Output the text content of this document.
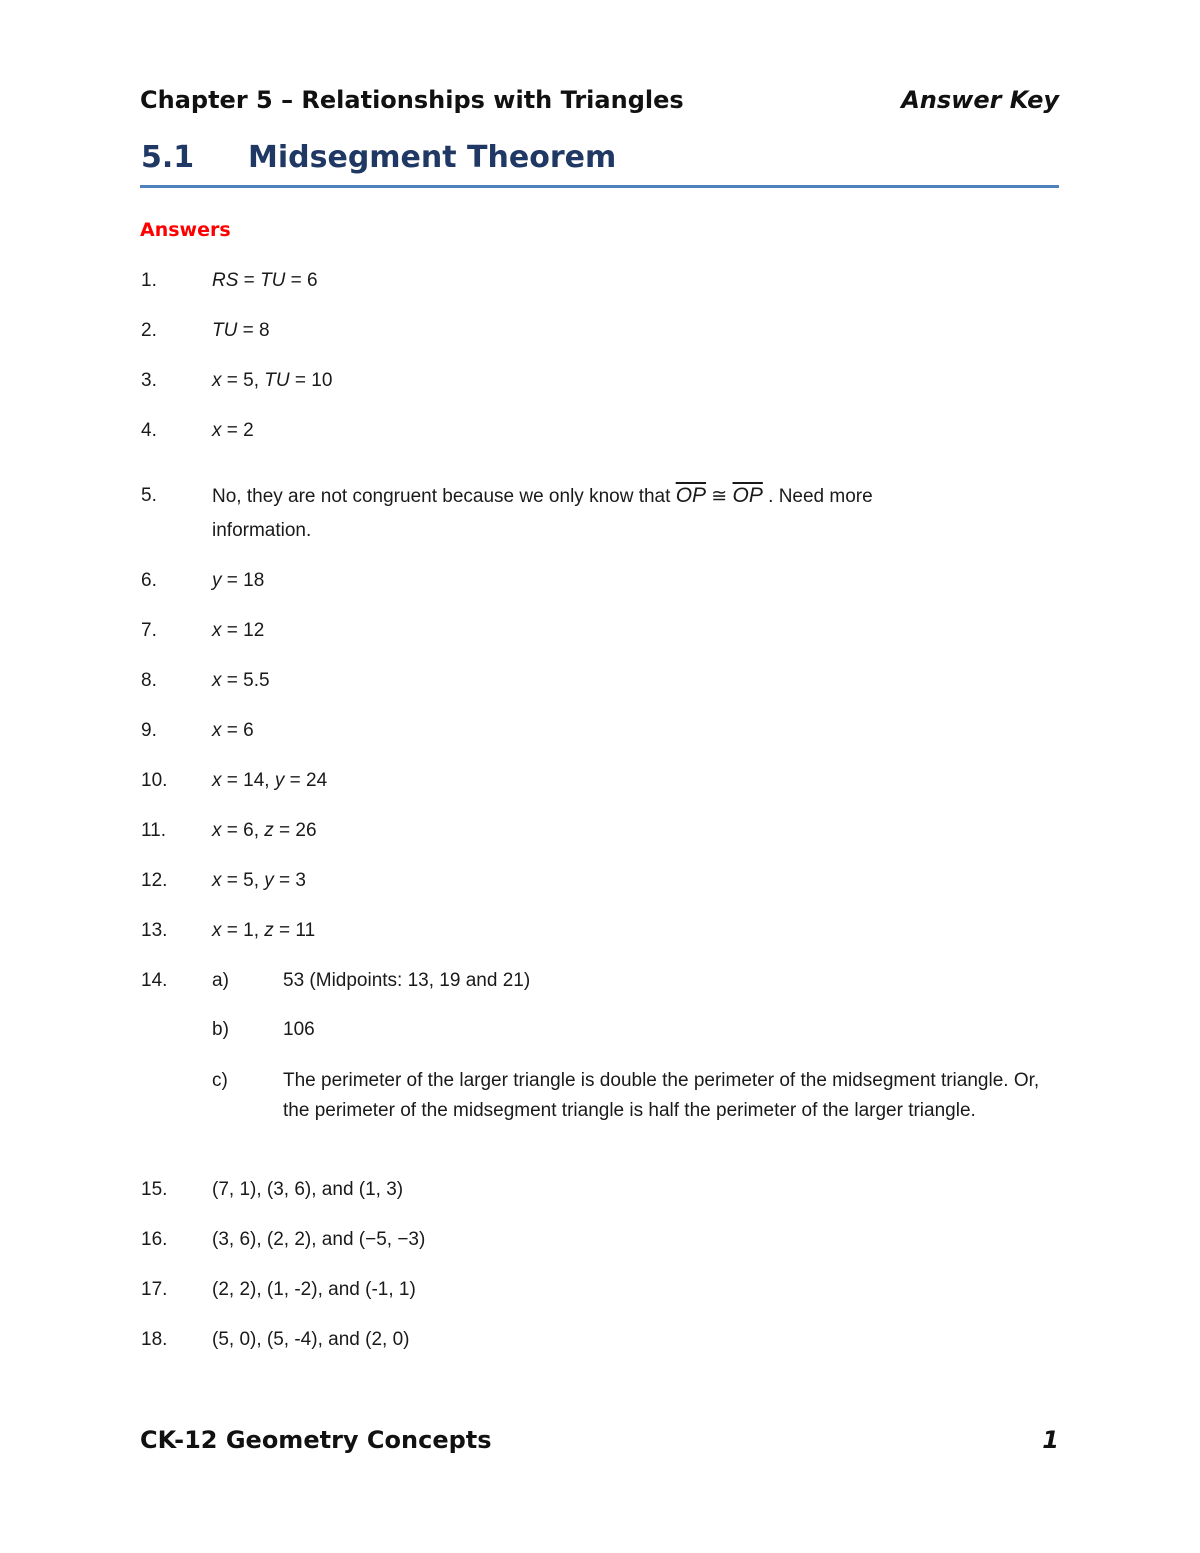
Chapter 5 – Relationships with Triangles	Answer Key
5.1 Midsegment Theorem
Answers
1.	RS = TU = 6
2.	TU = 8
3.	x = 5, TU = 10
4.	x = 2
5.	No, they are not congruent because we only know that $\overline{OP}$ ≅ $\overline{OP}$ . Need more
information.
6.	y = 18
7.	x = 12
8.	x = 5.5
9.	x = 6
10. x = 14, y = 24
11. x = 6, z = 26
12. x = 5, y = 3
13. x = 1, z = 11
14. a)	53 (Midpoints: 13, 19 and 21)
b)	106
c)	The perimeter of the larger triangle is double the perimeter of the midsegment triangle. Or, the perimeter of the midsegment triangle is half the perimeter of the larger triangle.
15. (7, 1), (3, 6), and (1, 3)
16. (3, 6), (2, 2), and (−5, −3)
17. (2, 2), (1, -2), and (-1, 1)
18. (5, 0), (5, -4), and (2, 0)
CK-12 Geometry Concepts	1
